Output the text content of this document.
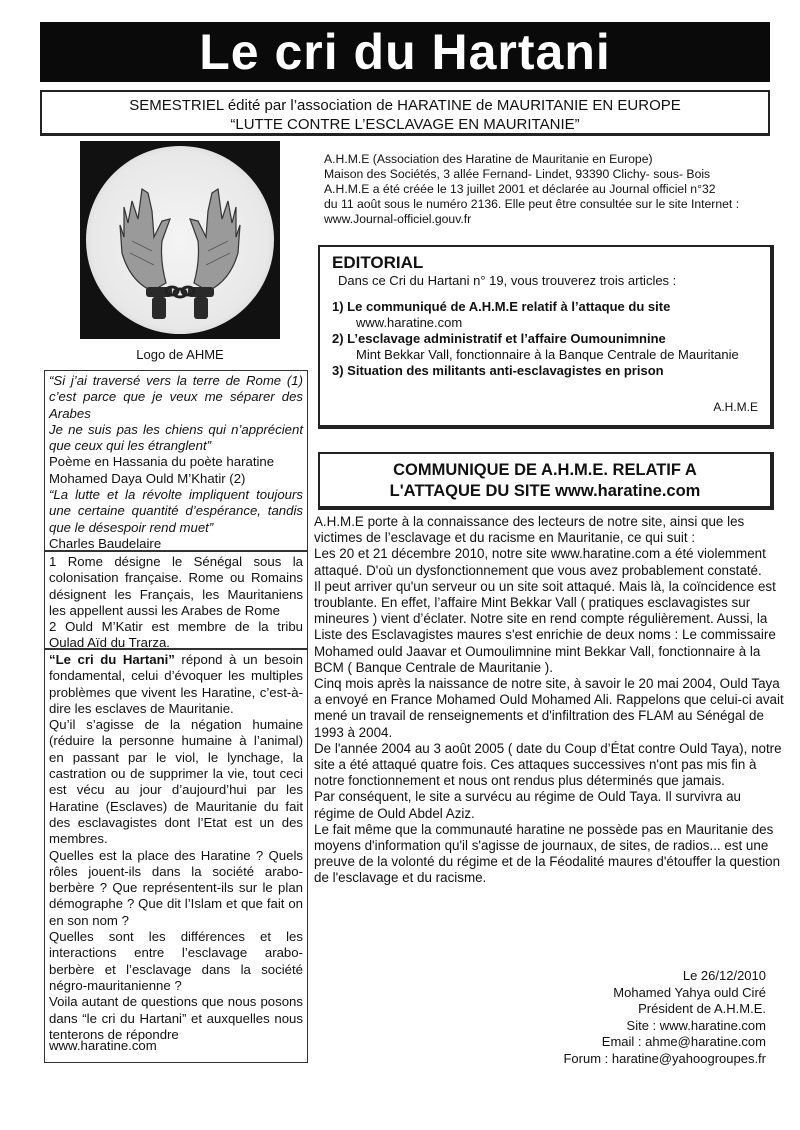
Le cri du Hartani
SEMESTRIEL édité par l’association de HARATINE de MAURITANIE EN EUROPE
“LUTTE CONTRE L’ESCLAVAGE EN MAURITANIE”
Logo de AHME
“Si j’ai traversé vers la terre de Rome (1) c’est parce que je veux me séparer des Arabes
Je ne suis pas les chiens qui n’apprécient que ceux qui les étranglent”
Poème en Hassania du poète haratine Mohamed Daya Ould M’Khatir (2)
“La lutte et la révolte impliquent toujours une certaine quantité d’espérance, tandis que le désespoir rend muet”
Charles Baudelaire
1 Rome désigne le Sénégal sous la colonisation française. Rome ou Romains désignent les Français, les Mauritaniens les appellent aussi les Arabes de Rome
2 Ould M’Katir est membre de la tribu Oulad Aïd du Trarza.

“Le cri du Hartani” répond à un besoin fondamental, celui d’évoquer les multiples problèmes que vivent les Haratine, c’est-à-dire les esclaves de Mauritanie.

Qu’il s’agisse de la négation humaine (réduire la personne humaine à l’animal) en passant par le viol, le lynchage, la castration ou de supprimer la vie, tout ceci est vécu au jour d’aujourd’hui par les Haratine (Esclaves) de Mauritanie du fait des esclavagistes dont l’Etat est un des membres.

Quelles est la place des Haratine ? Quels rôles jouent-ils dans la société arabo-berbère ? Que représentent-ils sur le plan démographe ? Que dit l’Islam et que fait on en son nom ?

Quelles sont les différences et les interactions entre l’esclavage arabo-berbère et l’esclavage dans la société négro-mauritanienne ?

Voila autant de questions que nous posons dans “le cri du Hartani” et auxquelles nous tenterons de répondre

www.haratine.com
A.H.M.E (Association des Haratine de Mauritanie en Europe)
Maison des Sociétés, 3 allée Fernand- Lindet, 93390 Clichy- sous- Bois
A.H.M.E a été créée le 13 juillet 2001 et déclarée au Journal officiel n°32
du 11 août sous le numéro 2136. Elle peut être consultée sur le site Internet :
www.Journal-officiel.gouv.fr
EDITORIAL
Dans ce Cri du Hartani n° 19, vous trouverez trois articles :
1) Le communiqué de A.H.M.E relatif à l’attaque du site
www.haratine.com
2) L’esclavage administratif et l’affaire Oumounimnine
Mint Bekkar Vall, fonctionnaire à la Banque Centrale de Mauritanie
3) Situation des militants anti-esclavagistes en prison
A.H.M.E
COMMUNIQUE DE A.H.M.E. RELATIF A
L'ATTAQUE DU SITE www.haratine.com

A.H.M.E porte à la connaissance des lecteurs de notre site, ainsi que les victimes de l’esclavage et du racisme en Mauritanie, ce qui suit :

Les 20 et 21 décembre 2010, notre site www.haratine.com a été violemment attaqué. D'où un dysfonctionnement que vous avez probablement constaté.

Il peut arriver qu'un serveur ou un site soit attaqué. Mais là, la coïncidence est troublante. En effet, l’affaire Mint Bekkar Vall ( pratiques esclavagistes sur mineures ) vient d’éclater. Notre site en rend compte régulièrement. Aussi, la Liste des Esclavagistes maures s'est enrichie de deux noms : Le commissaire Mohamed ould Jaavar et Oumoulimnine mint Bekkar Vall, fonctionnaire à la BCM ( Banque Centrale de Mauritanie ).

Cinq mois après la naissance de notre site, à savoir le 20 mai 2004, Ould Taya a envoyé en France Mohamed Ould Mohamed Ali. Rappelons que celui-ci avait mené un travail de renseignements et d'infiltration des FLAM au Sénégal de 1993 à 2004.

De l'année 2004 au 3 août 2005 ( date du Coup d’État contre Ould Taya), notre site a été attaqué quatre fois. Ces attaques successives n'ont pas mis fin à notre fonctionnement et nous ont rendus plus déterminés que jamais.

Par conséquent, le site a survécu au régime de Ould Taya. Il survivra au régime de Ould Abdel Aziz.

Le fait même que la communauté haratine ne possède pas en Mauritanie des moyens d'information qu'il s'agisse de journaux, de sites, de radios... est une preuve de la volonté du régime et de la Féodalité maures d'étouffer la question de l'esclavage et du racisme.

Le 26/12/2010
Mohamed Yahya ould Ciré
Président de A.H.M.E.
Site : www.haratine.com
Email : ahme@haratine.com
Forum : haratine@yahoogroupes.fr
